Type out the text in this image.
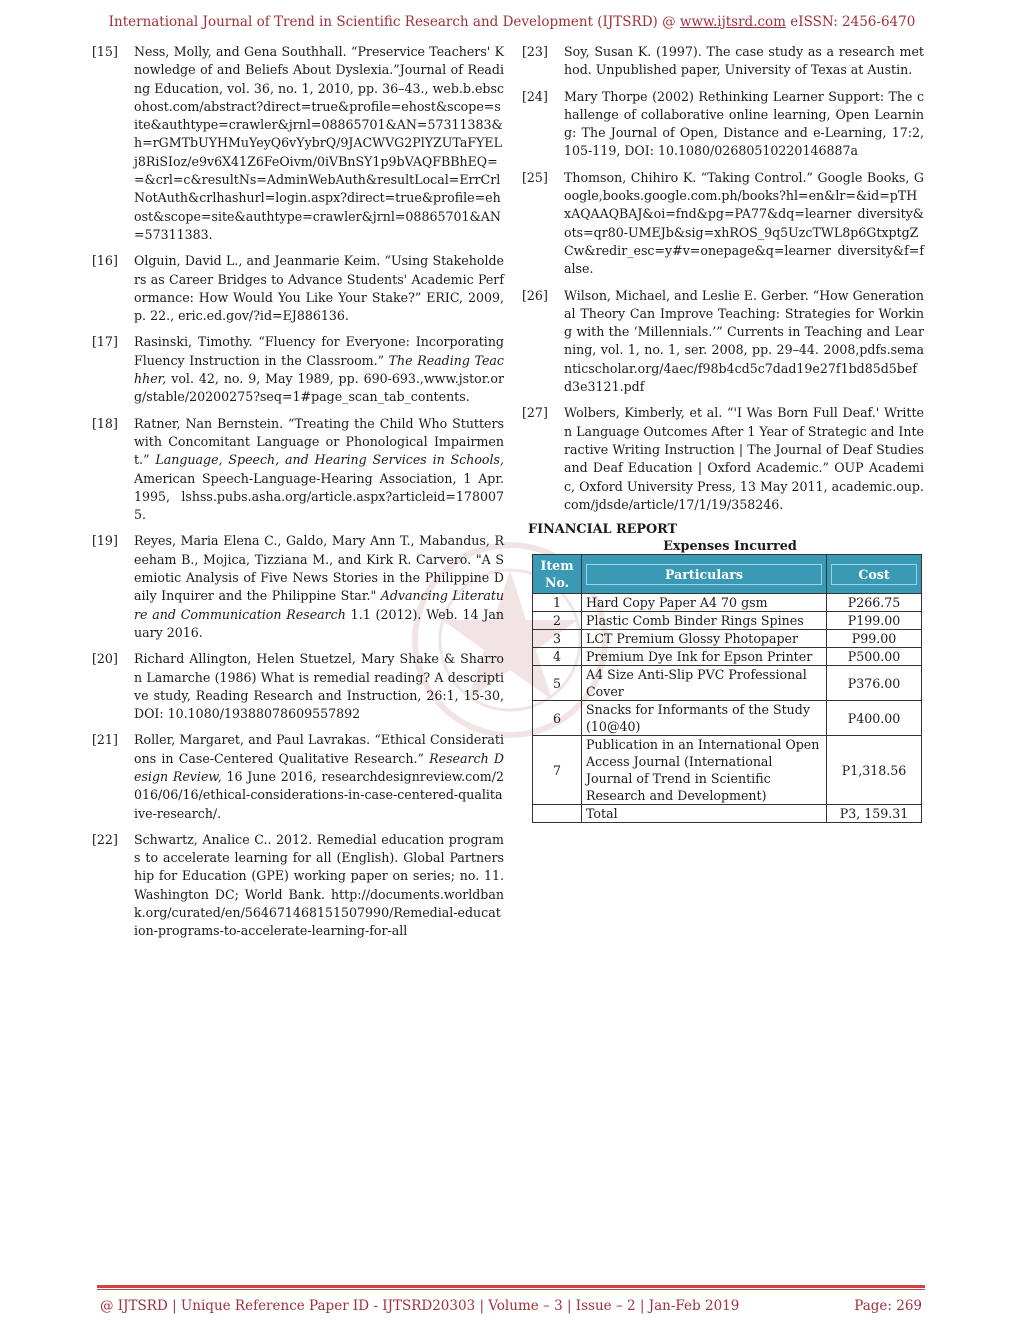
International Journal of Trend in Scientific Research and Development (IJTSRD) @ www.ijtsrd.com eISSN: 2456-6470
[15]	Ness, Molly, and Gena Southhall. “Preservice Teachers' Knowledge of and Beliefs About Dyslexia.”Journal of Reading Education, vol. 36, no. 1, 2010, pp. 36–43., web.b.ebscohost.com/abstract?direct=true&profile=ehost&scope=site&authtype=crawler&jrnl=08865701&AN=57311383&h=rGMTbUYHMuYeyQ6vYybrQ/9JACWVG2PlYZUTaFYELj8RiSIoz/e9v6X41Z6FeOivm/0iVBnSY1p9bVAQFBBhEQ==&crl=c&resultNs=AdminWebAuth&resultLocal=ErrCrlNotAuth&crlhashurl=login.aspx?direct=true&profile=ehost&scope=site&authtype=crawler&jrnl=08865701&AN=57311383.
[16]	Olguin, David L., and Jeanmarie Keim. “Using Stakeholders as Career Bridges to Advance Students' Academic Performance: How Would You Like Your Stake?” ERIC, 2009, p. 22., eric.ed.gov/?id=EJ886136.
[17]	Rasinski, Timothy. “Fluency for Everyone: Incorporating Fluency Instruction in the Classroom.” The Reading Teachher, vol. 42, no. 9, May 1989, pp. 690-693.,www.jstor.org/stable/20200275?seq=1#page_scan_tab_contents.
[18]	Ratner, Nan Bernstein. “Treating the Child Who Stutters with Concomitant Language or Phonological Impairment.” Language, Speech, and Hearing Services in Schools, American Speech-Language-Hearing Association, 1 Apr. 1995, lshss.pubs.asha.org/article.aspx?articleid=1780075.
[19]	Reyes, Maria Elena C., Galdo, Mary Ann T., Mabandus, Reeham B., Mojica, Tizziana M., and Kirk R. Carvero. "A Semiotic Analysis of Five News Stories in the Philippine Daily Inquirer and the Philippine Star." Advancing Literature and Communication Research 1.1 (2012). Web. 14 January 2016.
[20]	Richard Allington, Helen Stuetzel, Mary Shake & Sharron Lamarche (1986) What is remedial reading? A descriptive study, Reading Research and Instruction, 26:1, 15-30, DOI: 10.1080/19388078609557892
[21]	Roller, Margaret, and Paul Lavrakas. “Ethical Considerations in Case-Centered Qualitative Research.” Research Design Review, 16 June 2016, researchdesignreview.com/2016/06/16/ethical-considerations-in-case-centered-qualitaive-research/.
[22]	Schwartz, Analice C.. 2012. Remedial education programs to accelerate learning for all (English). Global Partnership for Education (GPE) working paper on series; no. 11. Washington DC; World Bank. http://documents.worldbank.org/curated/en/564671468151507990/Remedial-education-programs-to-accelerate-learning-for-all
[23]	Soy, Susan K. (1997). The case study as a research method. Unpublished paper, University of Texas at Austin.
[24]	Mary Thorpe (2002) Rethinking Learner Support: The challenge of collaborative online learning, Open Learning: The Journal of Open, Distance and e-Learning, 17:2, 105-119, DOI: 10.1080/02680510220146887a
[25]	Thomson, Chihiro K. “Taking Control.” Google Books, Google,books.google.com.ph/books?hl=en&lr=&id=pTHxAQAAQBAJ&oi=fnd&pg=PA77&dq=learner diversity&ots=qr80-UMEJb&sig=xhROS_9q5UzcTWL8p6GtxptgZCw&redir_esc=y#v=onepage&q=learner diversity&f=false.
[26]	Wilson, Michael, and Leslie E. Gerber. “How Generational Theory Can Improve Teaching: Strategies for Working with the ‘Millennials.’” Currents in Teaching and Learning, vol. 1, no. 1, ser. 2008, pp. 29–44. 2008,pdfs.semanticscholar.org/4aec/f98b4cd5c7dad19e27f1bd85d5befd3e3121.pdf
[27]	Wolbers, Kimberly, et al. “'I Was Born Full Deaf.' Written Language Outcomes After 1 Year of Strategic and Interactive Writing Instruction | The Journal of Deaf Studies and Deaf Education | Oxford Academic.” OUP Academic, Oxford University Press, 13 May 2011, academic.oup.com/jdsde/article/17/1/19/358246.
FINANCIAL REPORT
Expenses Incurred
Item No.	Particulars	Cost

1	Hard Copy Paper A4 70 gsm	P266.75
2	Plastic Comb Binder Rings Spines	P199.00
3	LCT Premium Glossy Photopaper	P99.00
4	Premium Dye Ink for Epson Printer	P500.00
5	A4 Size Anti-Slip PVC Professional Cover	P376.00
6	Snacks for Informants of the Study (10@40)	P400.00
7	Publication in an International Open Access Journal (International Journal of Trend in Scientific Research and Development)	P1,318.56
	Total	P3, 159.31
@ IJTSRD | Unique Reference Paper ID - IJTSRD20303 | Volume – 3 | Issue – 2 | Jan-Feb 2019	Page: 269
